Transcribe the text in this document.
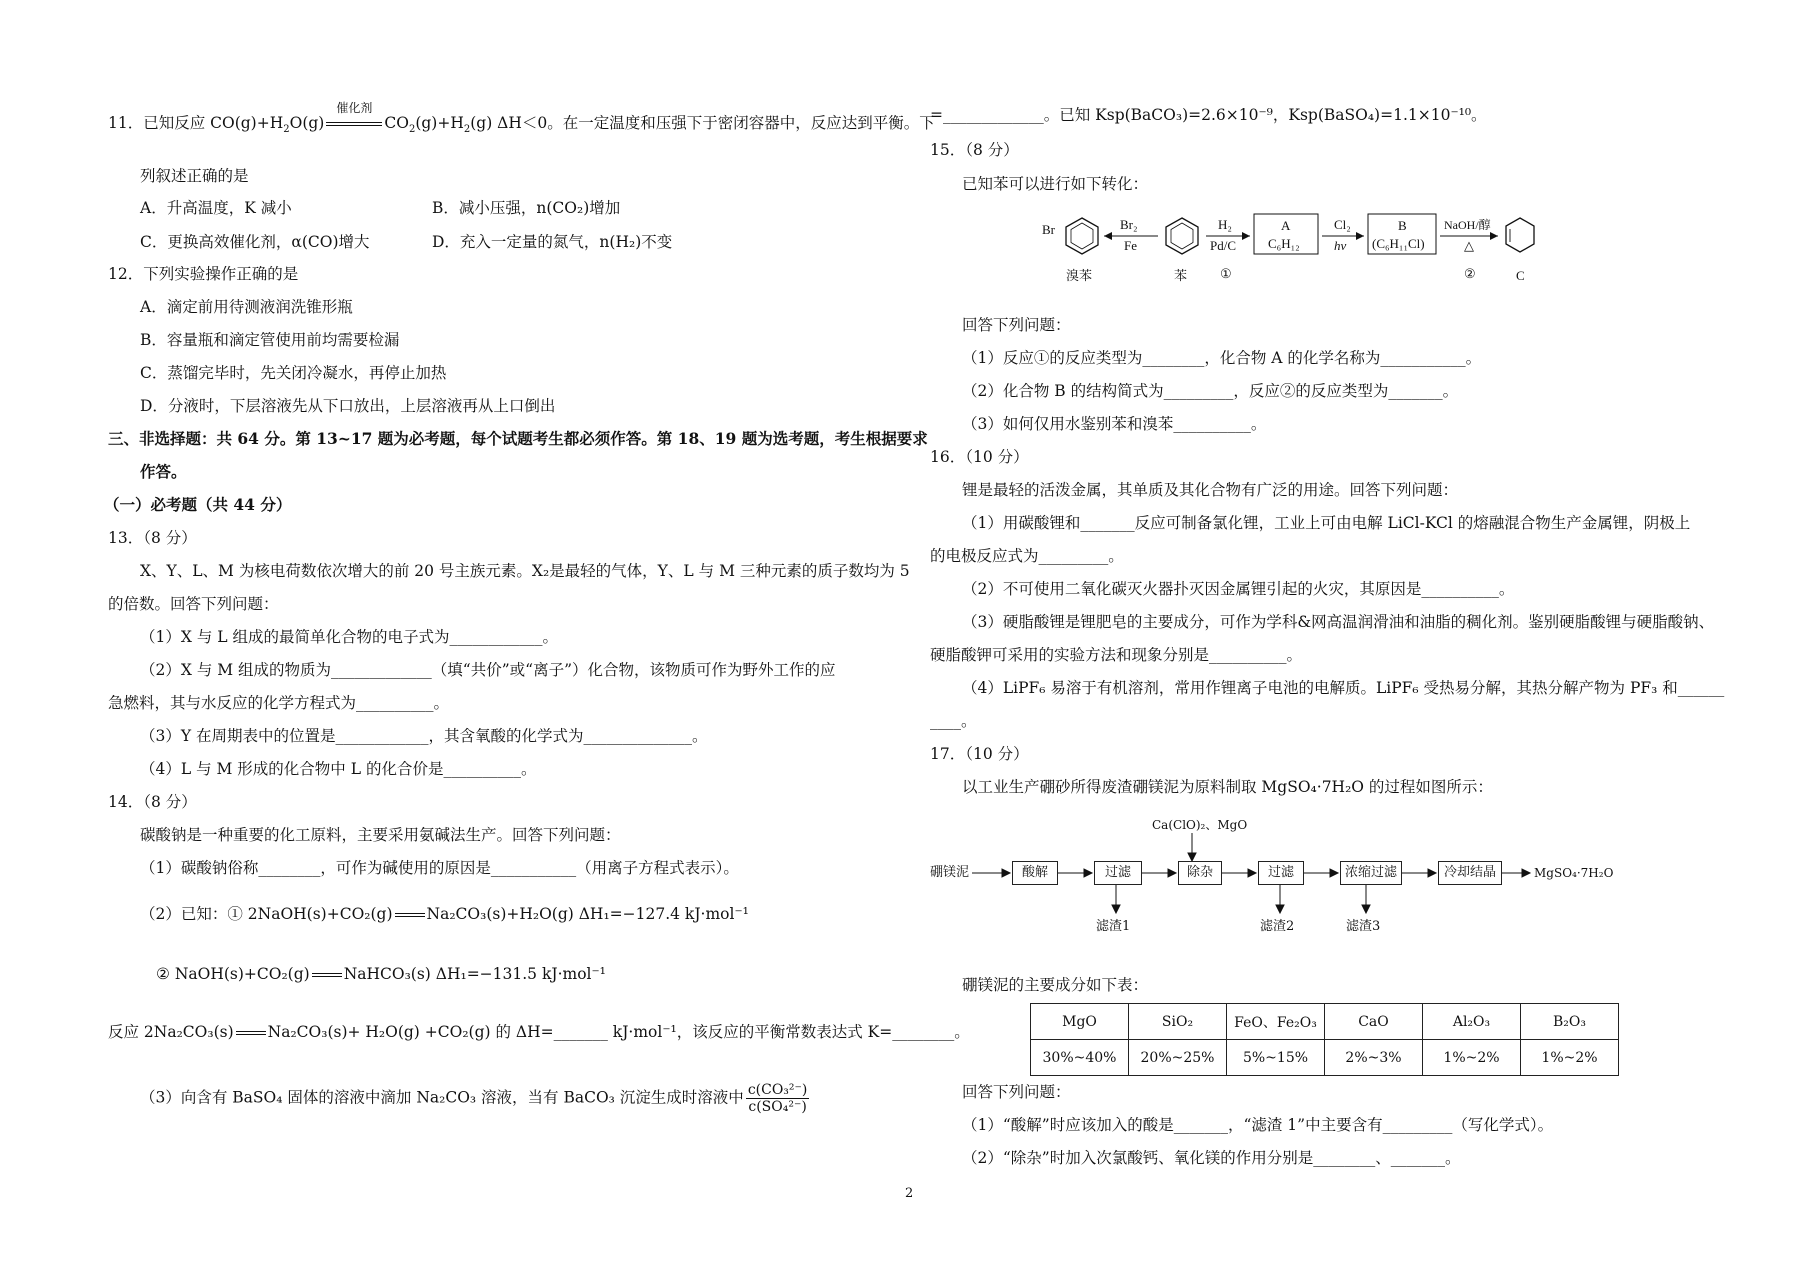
11．已知反应 $CO(g)+H_2O(g)$
催化剂
$CO_2(g)+H_2(g)$ ΔH＜0。在一定温度和压强下于密闭容器中，反应达到平衡。下
列叙述正确的是
A．升高温度，K 减小	B．减小压强，n(CO₂)增加
C．更换高效催化剂，α(CO)增大	D．充入一定量的氮气，n(H₂)不变
12．下列实验操作正确的是
A．滴定前用待测液润洗锥形瓶
B．容量瓶和滴定管使用前均需要检漏
C．蒸馏完毕时，先关闭冷凝水，再停止加热
D．分液时，下层溶液先从下口放出，上层溶液再从上口倒出
三、非选择题：共 64 分。第 13~17 题为必考题，每个试题考生都必须作答。第 18、19 题为选考题，考生根据要求
作答。
（一）必考题（共 44 分）
13．（8 分）
X、Y、L、M 为核电荷数依次增大的前 20 号主族元素。X₂是最轻的气体，Y、L 与 M 三种元素的质子数均为 5
的倍数。回答下列问题：
（1）X 与 L 组成的最简单化合物的电子式为____________。
（2）X 与 M 组成的物质为_____________（填“共价”或“离子”）化合物，该物质可作为野外工作的应
急燃料，其与水反应的化学方程式为__________。
（3）Y 在周期表中的位置是____________，其含氧酸的化学式为______________。
（4）L 与 M 形成的化合物中 L 的化合价是__________。
14．（8 分）
碳酸钠是一种重要的化工原料，主要采用氨碱法生产。回答下列问题：
（1）碳酸钠俗称________，可作为碱使用的原因是___________（用离子方程式表示）。
（2）已知：① 2NaOH(s)+CO₂(g) Na₂CO₃(s)+H₂O(g) ΔH₁=−127.4 kJ·mol⁻¹
② NaOH(s)+CO₂(g) NaHCO₃(s) ΔH₁=−131.5 kJ·mol⁻¹
反应 2Na₂CO₃(s) Na₂CO₃(s)+ H₂O(g) +CO₂(g) 的 ΔH=_______ kJ·mol⁻¹，该反应的平衡常数表达式 K=________。
（3）向含有 BaSO₄ 固体的溶液中滴加 Na₂CO₃ 溶液，当有 BaCO₃ 沉淀生成时溶液中 $\frac{\text{c(CO₃²⁻)}}{\text{c(SO₄²⁻)}}$
=_____________。已知 Ksp(BaCO₃)=2.6×10⁻⁹，Ksp(BaSO₄)=1.1×10⁻¹⁰。
15．（8 分）
已知苯可以进行如下转化：
Br
溴苯
Br₂
Fe
苯
H₂
Pd/C
①
A
C₆H₁₂
Cl₂
hv
B
(C₆H₁₁Cl)
NaOH/醇
△
②	C
回答下列问题：
（1）反应①的反应类型为________，化合物 A 的化学名称为___________。
（2）化合物 B 的结构简式为_________，反应②的反应类型为_______。
（3）如何仅用水鉴别苯和溴苯__________。
16．（10 分）
锂是最轻的活泼金属，其单质及其化合物有广泛的用途。回答下列问题：
（1）用碳酸锂和_______反应可制备氯化锂，工业上可由电解 LiCl-KCl 的熔融混合物生产金属锂，阴极上
的电极反应式为_________。
（2）不可使用二氧化碳灭火器扑灭因金属锂引起的火灾，其原因是__________。
（3）硬脂酸锂是锂肥皂的主要成分，可作为学科&网高温润滑油和油脂的稠化剂。鉴别硬脂酸锂与硬脂酸钠、
硬脂酸钾可采用的实验方法和现象分别是__________。
（4）LiPF₆ 易溶于有机溶剂，常用作锂离子电池的电解质。LiPF₆ 受热易分解，其热分解产物为 PF₃ 和______
____。
17．（10 分）
以工业生产硼砂所得废渣硼镁泥为原料制取 MgSO₄·7H₂O 的过程如图所示：
Ca(ClO)₂、MgO
硼镁泥	酸解	过滤	除杂	过滤	浓缩过滤	冷却结晶	MgSO₄·7H₂O
滤渣1	滤渣2	滤渣3
硼镁泥的主要成分如下表：
MgO	SiO₂	FeO、Fe₂O₃	CaO	Al₂O₃	B₂O₃
30%~40%	20%~25%	5%~15%	2%~3%	1%~2%	1%~2%
回答下列问题：
（1）“酸解”时应该加入的酸是_______，“滤渣 1”中主要含有_________（写化学式）。
（2）“除杂”时加入次氯酸钙、氧化镁的作用分别是________、_______。
2
